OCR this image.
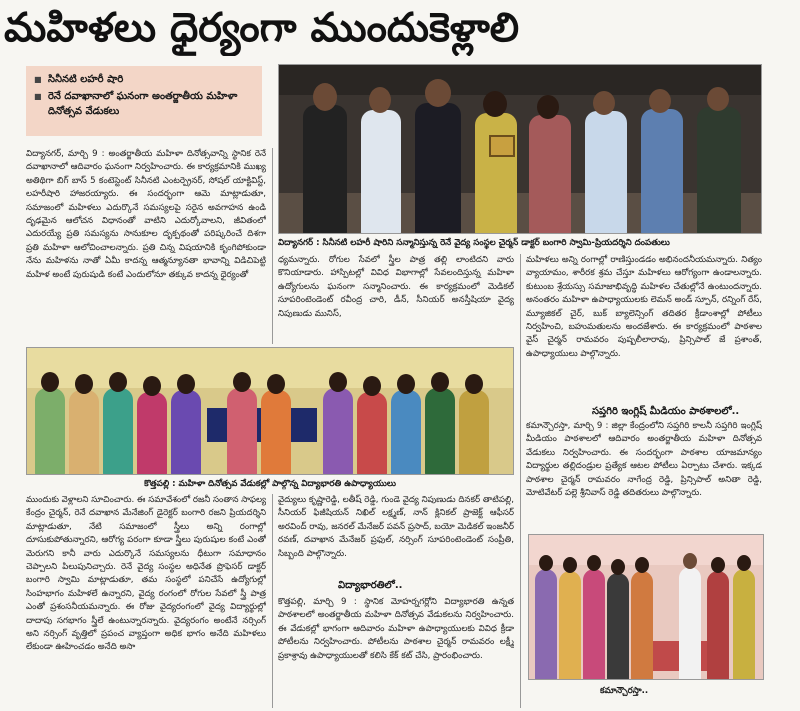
మహిళలు ధైర్యంగా ముందుకెళ్లాలి
■ సినీనటి లహరీ షారి
■ రెనే దవాఖానాలో ఘనంగా అంతర్జాతీయ మహిళా దినోత్సవ వేడుకలు

విద్యానగర్, మార్చి 9 : అంతర్జాతీయ మహిళా దినోత్సవాన్ని స్థానిక రెనే దవాఖానాలో ఆదివారం ఘనంగా నిర్వహించారు. ఈ కార్యక్రమానికి ముఖ్య అతిథిగా బిగ్ బాస్ 5 కంటెస్టెంట్ సినీనటి ఎంటర్ప్రెనర్, సోషల్ యాక్టివిస్ట్, లహరీషారి హాజరయ్యారు. ఈ సందర్భంగా ఆమె మాట్లాడుతూ, సమాజంలో మహిళలు ఎదుర్కొనే సమస్యలపై సరైన అవగాహన ఉండి దృఢమైన ఆలోచన విధానంతో వాటిని ఎదుర్కోవాలని, జీవితంలో ఎదురయ్యే ప్రతి సమస్యను సానుకూల దృక్పథంతో పరిష్కరించే దిశగా ప్రతి మహిళా ఆలోచించాలన్నారు. ప్రతి చిన్న విషయానికి కృంగిపోకుండా నేను మహిళను నాతో ఏమీ కాదన్న ఆత్మన్యూనతా భావాన్ని విడిచిపెట్టి మహిళ అంటే పురుషుడి కంటే ఎందులోనూ తక్కువ కాదన్న ధైర్యంతో

విద్యానగర్ : సినీనటి లహరీ షారిని సన్మానిస్తున్న రెనే వైద్య సంస్థల చైర్మన్ డాక్టర్ బంగారి స్వామి-ప్రియదర్శిని దంపతులు

ధ్యమన్నారు. రోగుల సేవలో స్త్రీల పాత్ర తల్లి లాంటిదని వారు కొనియాడారు. హాస్పిటల్లో వివిధ విభాగాల్లో సేవలందిస్తున్న మహిళా ఉద్యోగులను ఘనంగా సన్మానించారు. ఈ కార్యక్రమంలో మెడికల్ సూపరింటెండెంట్ రవీంద్ర చారి, డీన్, సీనియర్ అనస్తీషియా వైద్య నిపుణుడు మునిస్,

మహిళలు అన్ని రంగాల్లో రాణిస్తుండడం అభినందనీయమన్నారు. నిత్యం వ్యాయామం, శారీరక శ్రమ చేస్తూ మహిళలు ఆరోగ్యంగా ఉండాలన్నారు. కుటుంబ శ్రేయస్సు సమాజాభివృద్ధి మహిళల చేతుల్లోనే ఉంటుందన్నారు. అనంతరం మహిళా ఉపాధ్యాయులకు లెమన్ అండ్ స్పూన్, రన్నింగ్ రేస్, మ్యూజికల్ చైర్, బుక్ బ్యాలెన్సింగ్ తదితర క్రీడాంశాల్లో పోటీలు నిర్వహించి, బహుమతులను అందజేశారు. ఈ కార్యక్రమంలో పాఠశాల వైస్ చైర్మన్ రామవరం పుష్పలీలారావు, ప్రిన్సిపాల్ జే ప్రశాంత్, ఉపాధ్యాయులు పాల్గొన్నారు.

సప్తగిరి ఇంగ్లిష్ మీడియం పాఠశాలలో..

కమాన్చౌరస్తా, మార్చి 9 : జిల్లా కేంద్రంలోని సప్తగిరి కాలనీ సప్తగిరి ఇంగ్లిష్ మీడియం పాఠశాలలో ఆదివారం అంతర్జాతీయ మహిళా దినోత్సవ వేడుకలు నిర్వహించారు. ఈ సందర్భంగా పాఠశాల యాజమాన్యం విద్యార్థుల తల్లిదండ్రుల ప్రత్యేక ఆటల పోటీలు ఏర్పాటు చేశారు. ఇక్కడ పాఠశాల చైర్మన్ రామవరం నాగేంద్ర రెడ్డి, ప్రిన్సిపాల్ అనితా రెడ్డి, మోటివేటర్ పల్లె శ్రీనివాస్ రెడ్డి తదితరులు పాల్గొన్నారు.

కొత్తపల్లి : మహిళా దినోత్సవ వేడుకల్లో పాల్గొన్న విద్యాభారతి ఉపాధ్యాయులు

ముందుకు వెళ్లాలని సూచించారు. ఈ సమావేశంలో రజనీ సంతాన సాఫల్య కేంద్రం చైర్మన్, రెనే దవాఖాన మేనేజింగ్ డైరెక్టర్ బంగారి రజని ప్రియదర్శిని మాట్లాడుతూ, నేటి సమాజంలో స్త్రీలు అన్ని రంగాల్లో దూసుకుపోతున్నారని, ఆరోగ్య పరంగా కూడా స్త్రీలు పురుషుల కంటే ఎంతో మెరుగని కానీ వారు ఎదుర్కొనే సమస్యలను ధీటుగా సమాధానం చెప్పాలని పిలుపునిచ్చారు. రెనే వైద్య సంస్థల అధినేత ప్రొఫెసర్ డాక్టర్ బంగారి స్వామి మాట్లాడుతూ, తమ సంస్థలో పనిచేసే ఉద్యోగుల్లో సింహభాగం మహిళలే ఉన్నారని, వైద్య రంగంలో రోగుల సేవలో స్త్రీ పాత్ర ఎంతో ప్రశంసనీయమన్నారు. ఈ రోజు వైద్యరంగంలో వైద్య విద్యార్థుల్లో దాదాపు సగభాగం స్త్రీలే ఉంటున్నారన్నారు. వైద్యరంగం అంటేనే నర్సింగ్ అని నర్సింగ్ వృత్తిలో ప్రపంచ వ్యాప్తంగా అధిక భాగం అనేది మహిళలు లేకుండా ఊహించడం అనేది అసా

వైద్యులు కృష్ణారెడ్డి, లతీష్ రెడ్డి, గుండె వైద్య నిపుణుడు దినకర్ తాటిపల్లి, సీనియర్ ఫిజీషియన్ నిఖిల్ లక్ష్మణ్, నాన్ క్లినికల్ ప్రాజెక్ట్ ఆఫీసర్ అరవింద్ రావు, జనరల్ మేనేజర్ పవన్ ప్రసాద్, బయో మెడికల్ ఇంజనీర్ రవణ్, దవాఖాన మేనేజర్ ప్రఫుల్, నర్సింగ్ సూపరింటెండెంట్ సంప్రీతి, సిబ్బంది పాల్గొన్నారు.

విద్యాభారతిలో..

కొత్తపల్లి, మార్చి 9 : స్థానిక మోహర్నగర్లోని విద్యాభారతి ఉన్నత పాఠశాలలో అంతర్జాతీయ మహిళా దినోత్సవ వేడుకలను నిర్వహించారు. ఈ వేడుకల్లో భాగంగా ఆదివారం మహిళా ఉపాధ్యాయులకు వివిధ క్రీడా పోటీలను నిర్వహించారు. పోటీలను పాఠశాల చైర్మన్ రామవరం లక్ష్మీ ప్రకాశ్రావు ఉపాధ్యాయులతో కలిసి కేక్ కట్ చేసి, ప్రారంభించారు.

కమాన్చౌరస్తా..
